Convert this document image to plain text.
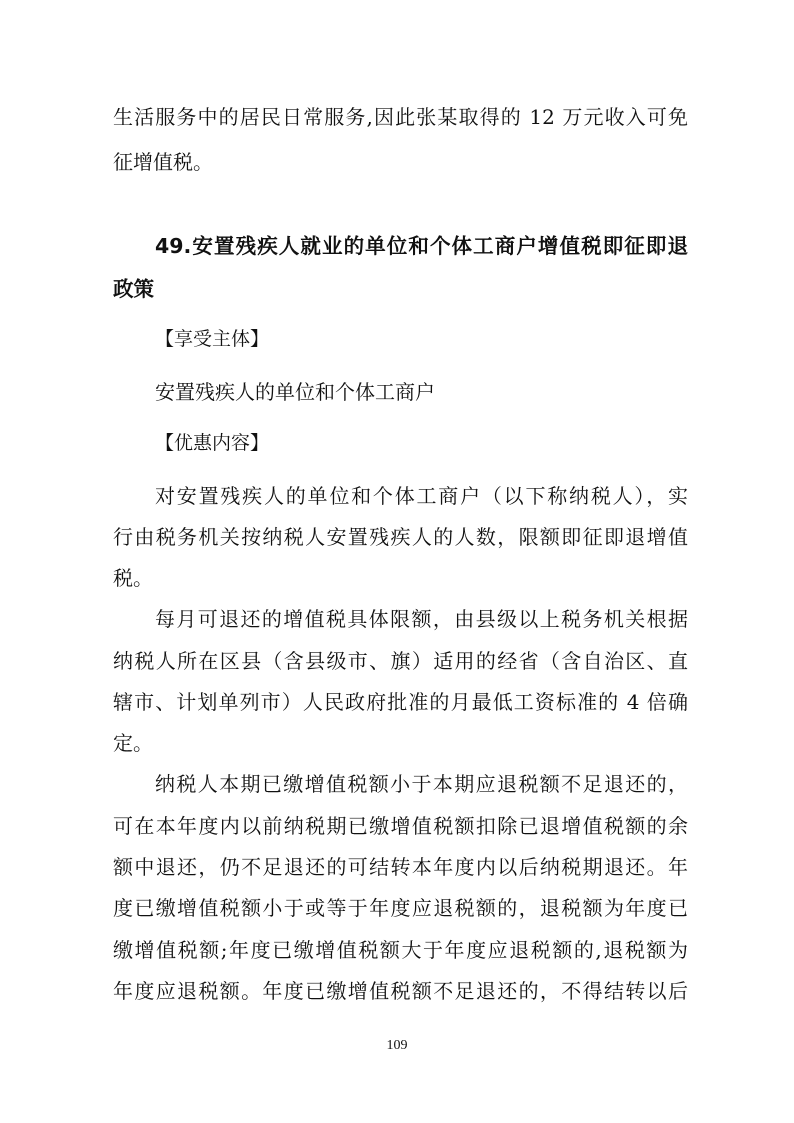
生活服务中的居民日常服务,因此张某取得的 12 万元收入可免
征增值税。
49.安置残疾人就业的单位和个体工商户增值税即征即退
政策
【享受主体】
安置残疾人的单位和个体工商户
【优惠内容】
对安置残疾人的单位和个体工商户（以下称纳税人），实
行由税务机关按纳税人安置残疾人的人数，限额即征即退增值
税。
每月可退还的增值税具体限额，由县级以上税务机关根据
纳税人所在区县（含县级市、旗）适用的经省（含自治区、直
辖市、计划单列市）人民政府批准的月最低工资标准的 4 倍确
定。
纳税人本期已缴增值税额小于本期应退税额不足退还的，
可在本年度内以前纳税期已缴增值税额扣除已退增值税额的余
额中退还，仍不足退还的可结转本年度内以后纳税期退还。年
度已缴增值税额小于或等于年度应退税额的，退税额为年度已
缴增值税额;年度已缴增值税额大于年度应退税额的,退税额为
年度应退税额。年度已缴增值税额不足退还的，不得结转以后
109
